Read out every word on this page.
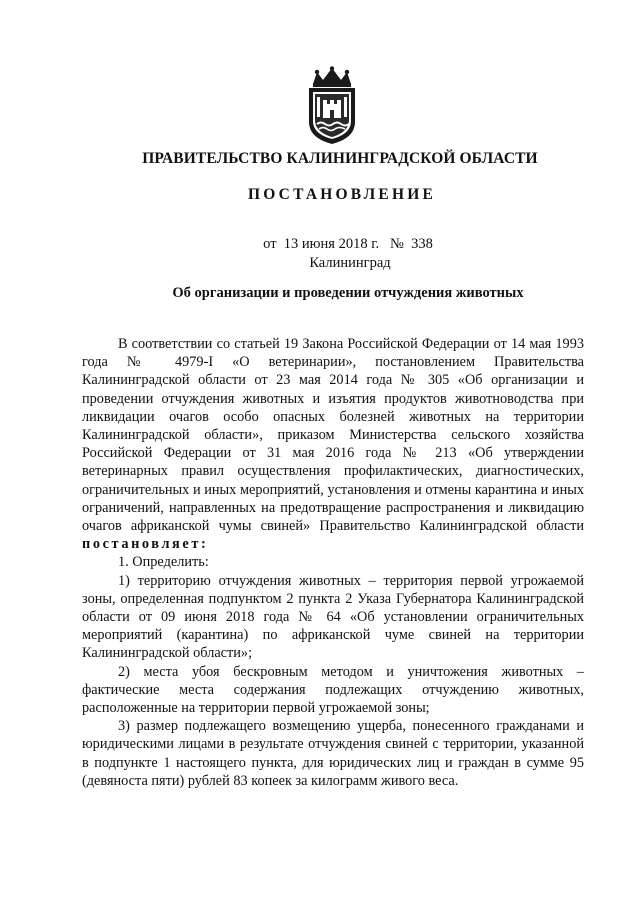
ПРАВИТЕЛЬСТВО КАЛИНИНГРАДСКОЙ ОБЛАСТИ
ПОСТАНОВЛЕНИЕ
от 13 июня 2018 г. № 338
Калининград
Об организации и проведении отчуждения животных

В соответствии со статьей 19 Закона Российской Федерации от 14 мая 1993 года № 4979-I «О ветеринарии», постановлением Правительства Калининградской области от 23 мая 2014 года № 305 «Об организации и проведении отчуждения животных и изъятия продуктов животноводства при ликвидации очагов особо опасных болезней животных на территории Калининградской области», приказом Министерства сельского хозяйства Российской Федерации от 31 мая 2016 года № 213 «Об утверждении ветеринарных правил осуществления профилактических, диагностических, ограничительных и иных мероприятий, установления и отмены карантина и иных ограничений, направленных на предотвращение распространения и ликвидацию очагов африканской чумы свиней» Правительство Калининградской области постановляет:

1. Определить:

1) территорию отчуждения животных – территория первой угрожаемой зоны, определенная подпунктом 2 пункта 2 Указа Губернатора Калининградской области от 09 июня 2018 года № 64 «Об установлении ограничительных мероприятий (карантина) по африканской чуме свиней на территории Калининградской области»;

2) места убоя бескровным методом и уничтожения животных – фактические места содержания подлежащих отчуждению животных, расположенные на территории первой угрожаемой зоны;

3) размер подлежащего возмещению ущерба, понесенного гражданами и юридическими лицами в результате отчуждения свиней с территории, указанной в подпункте 1 настоящего пункта, для юридических лиц и граждан в сумме 95 (девяноста пяти) рублей 83 копеек за килограмм живого веса.
